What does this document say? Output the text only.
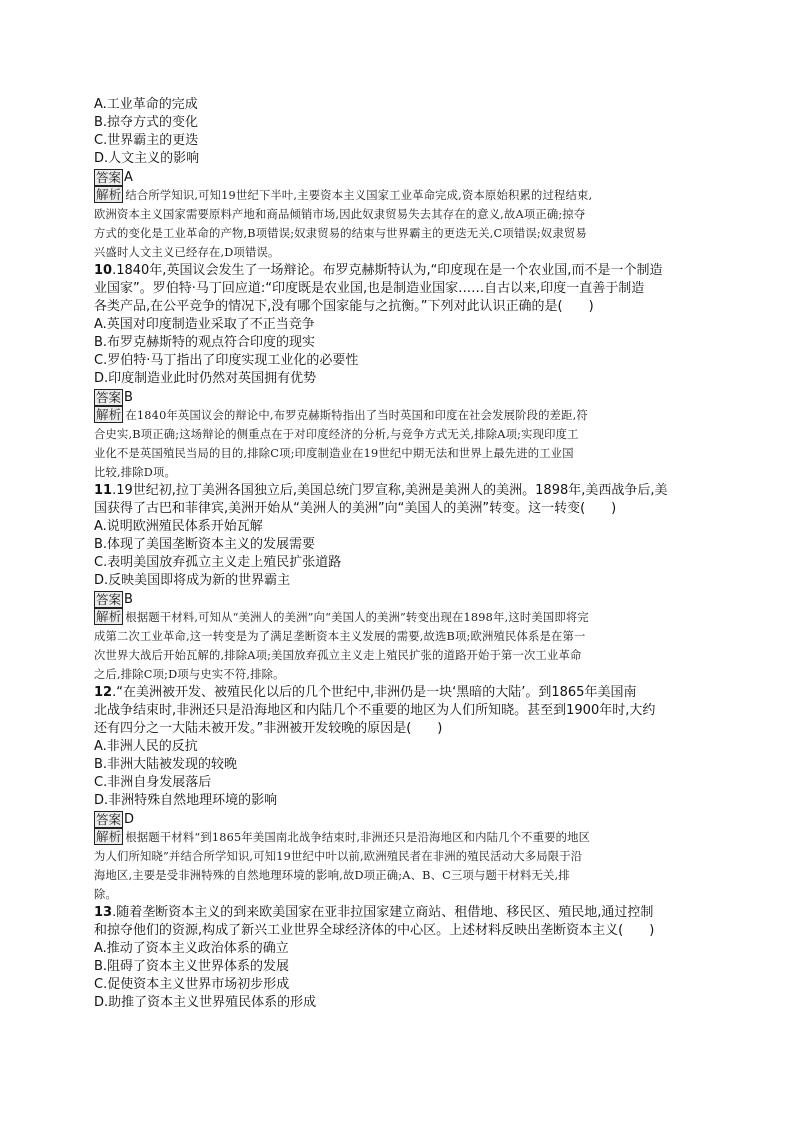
A.工业革命的完成
B.掠夺方式的变化
C.世界霸主的更迭
D.人文主义的影响
答案 A
解析 结合所学知识,可知19世纪下半叶,主要资本主义国家工业革命完成,资本原始积累的过程结束,
欧洲资本主义国家需要原料产地和商品倾销市场,因此奴隶贸易失去其存在的意义,故A项正确;掠夺
方式的变化是工业革命的产物,B项错误;奴隶贸易的结束与世界霸主的更迭无关,C项错误;奴隶贸易
兴盛时人文主义已经存在,D项错误。
10.1840年,英国议会发生了一场辩论。布罗克赫斯特认为,“印度现在是一个农业国,而不是一个制造
业国家”。罗伯特·马丁回应道:“印度既是农业国,也是制造业国家……自古以来,印度一直善于制造
各类产品,在公平竞争的情况下,没有哪个国家能与之抗衡。”下列对此认识正确的是(　　)
A.英国对印度制造业采取了不正当竞争
B.布罗克赫斯特的观点符合印度的现实
C.罗伯特·马丁指出了印度实现工业化的必要性
D.印度制造业此时仍然对英国拥有优势
答案 B
解析 在1840年英国议会的辩论中,布罗克赫斯特指出了当时英国和印度在社会发展阶段的差距,符
合史实,B项正确;这场辩论的侧重点在于对印度经济的分析,与竞争方式无关,排除A项;实现印度工
业化不是英国殖民当局的目的,排除C项;印度制造业在19世纪中期无法和世界上最先进的工业国
比较,排除D项。
11.19世纪初,拉丁美洲各国独立后,美国总统门罗宣称,美洲是美洲人的美洲。1898年,美西战争后,美
国获得了古巴和菲律宾,美洲开始从“美洲人的美洲”向“美国人的美洲”转变。这一转变(　　)
A.说明欧洲殖民体系开始瓦解
B.体现了美国垄断资本主义的发展需要
C.表明美国放弃孤立主义走上殖民扩张道路
D.反映美国即将成为新的世界霸主
答案 B
解析 根据题干材料,可知从“美洲人的美洲”向“美国人的美洲”转变出现在1898年,这时美国即将完
成第二次工业革命,这一转变是为了满足垄断资本主义发展的需要,故选B项;欧洲殖民体系是在第一
次世界大战后开始瓦解的,排除A项;美国放弃孤立主义走上殖民扩张的道路开始于第一次工业革命
之后,排除C项;D项与史实不符,排除。
12.“在美洲被开发、被殖民化以后的几个世纪中,非洲仍是一块‘黑暗的大陆’。到1865年美国南
北战争结束时,非洲还只是沿海地区和内陆几个不重要的地区为人们所知晓。甚至到1900年时,大约
还有四分之一大陆未被开发。”非洲被开发较晚的原因是(　　)
A.非洲人民的反抗
B.非洲大陆被发现的较晚
C.非洲自身发展落后
D.非洲特殊自然地理环境的影响
答案 D
解析 根据题干材料“到1865年美国南北战争结束时,非洲还只是沿海地区和内陆几个不重要的地区
为人们所知晓”并结合所学知识,可知19世纪中叶以前,欧洲殖民者在非洲的殖民活动大多局限于沿
海地区,主要是受非洲特殊的自然地理环境的影响,故D项正确;A、B、C三项与题干材料无关,排
除。
13.随着垄断资本主义的到来欧美国家在亚非拉国家建立商站、租借地、移民区、殖民地,通过控制
和掠夺他们的资源,构成了新兴工业世界全球经济体的中心区。上述材料反映出垄断资本主义(　　)
A.推动了资本主义政治体系的确立
B.阻碍了资本主义世界体系的发展
C.促使资本主义世界市场初步形成
D.助推了资本主义世界殖民体系的形成
